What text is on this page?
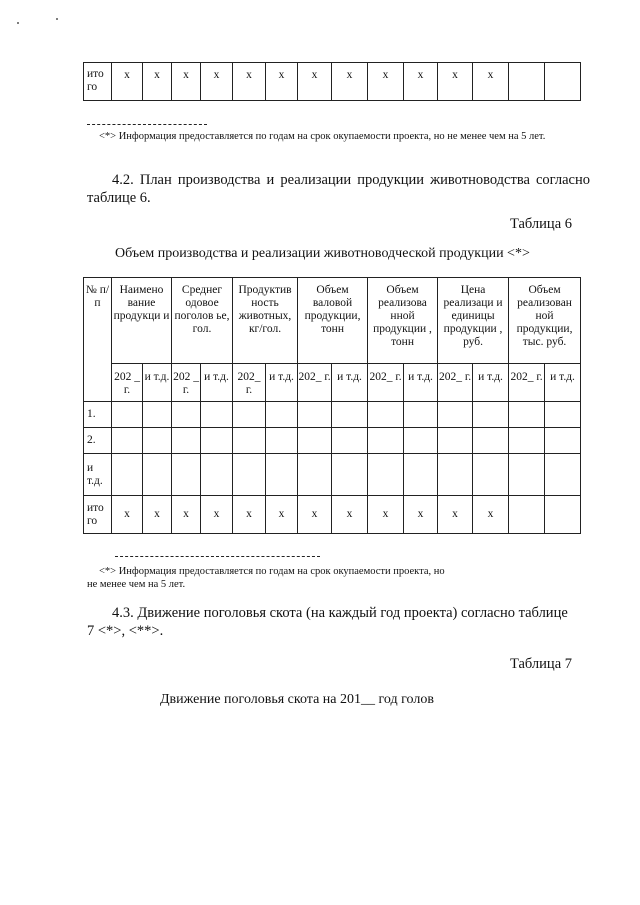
ито го	x	x	x	x	x	x	x	x	x	x	x	x		
<*> Информация предоставляется по годам на срок окупаемости проекта, но не менее чем на 5 лет.
4.2. План производства и реализации продукции животноводства согласно таблице 6.
Таблица 6
Объем производства и реализации животноводческой продукции <*>
№ п/п	Наимено вание продукци и		Среднег одовое поголов ье, гол.		Продуктив ность животных, кг/гол.		Объем валовой продукции, тонн		Объем реализова нной продукции , тонн		Цена реализаци и единицы продукции , руб.		Объем реализован ной продукции, тыс. руб.	
	202 _ г.	и т.д.	202 _ г.	и т.д.	202_ г.	и т.д.	202_ г.	и т.д.	202_ г.	и т.д.	202_ г.	и т.д.	202_ г.	и т.д.
1.														
2.														
и т.д.														
ито го	x	x	x	x	x	x	x	x	x	x	x	x		
<*> Информация предоставляется по годам на срок окупаемости проекта, но
не менее чем на 5 лет.
4.3. Движение поголовья скота (на каждый год проекта) согласно таблице
7 <*>, <**>.
Таблица 7
Движение поголовья скота на 201__ год голов
